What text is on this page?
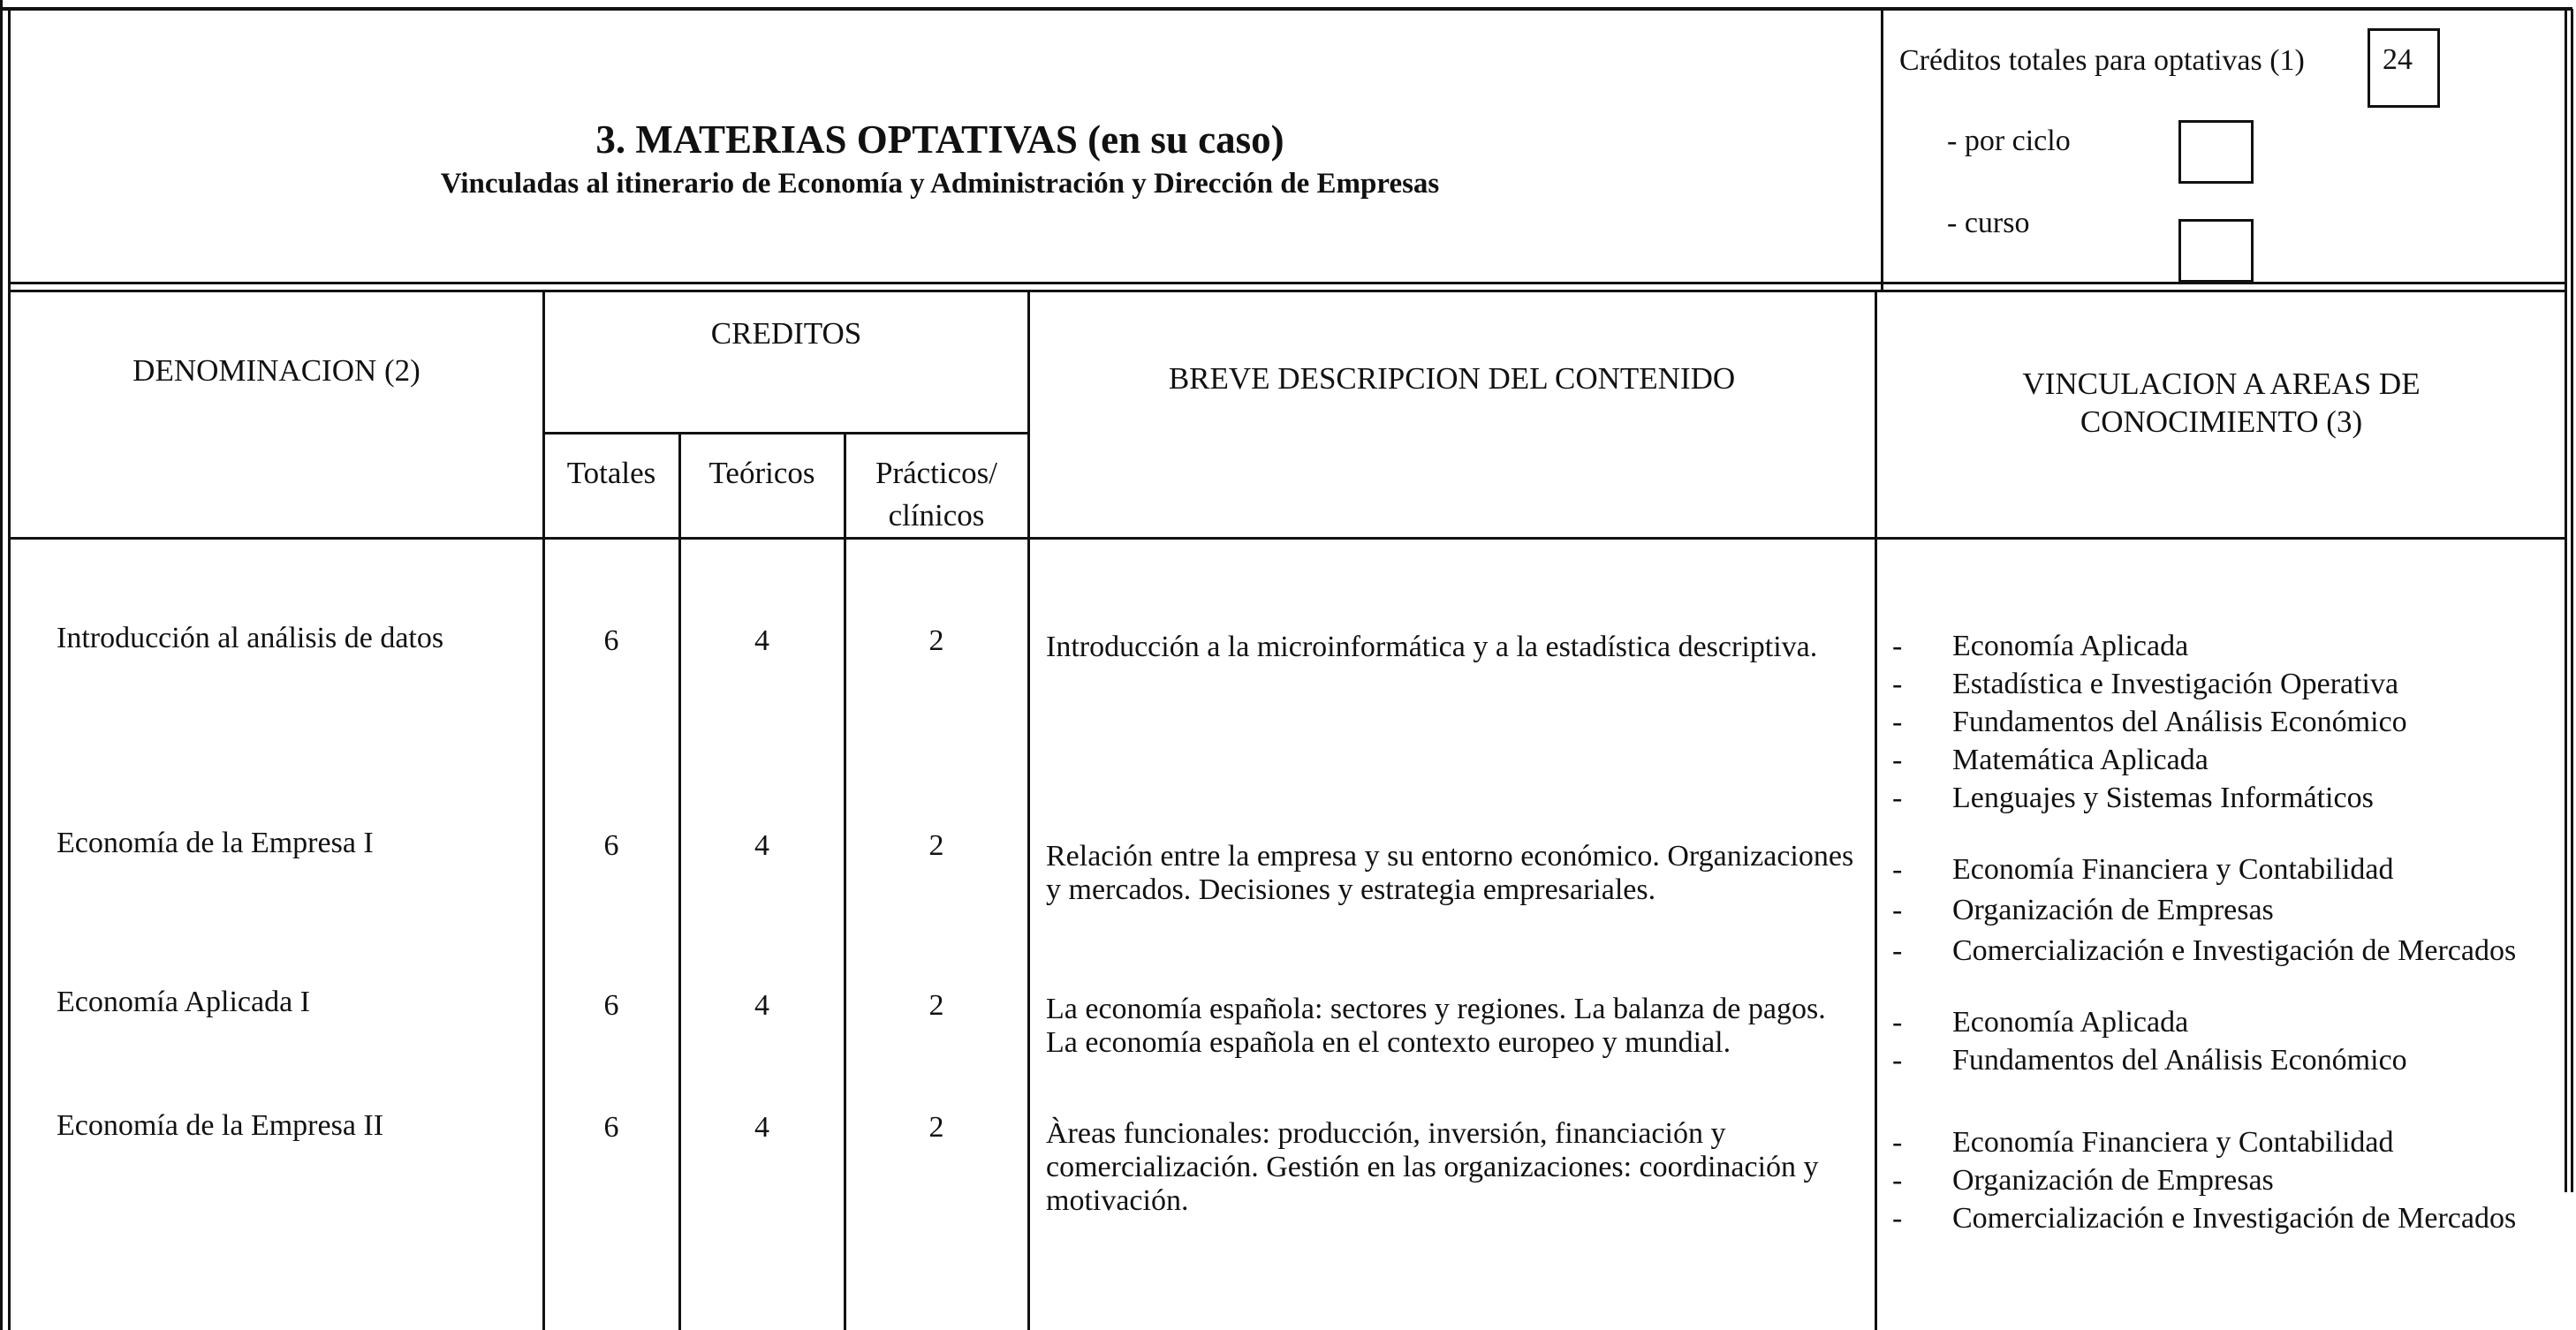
3. MATERIAS OPTATIVAS (en su caso)
Vinculadas al itinerario de Economía y Administración y Dirección de Empresas
Créditos totales para optativas (1)	24
- por ciclo
- curso
DENOMINACION (2)
CREDITOS
Totales	Teóricos	Prácticos/
clínicos
BREVE DESCRIPCION DEL CONTENIDO	VINCULACION A AREAS DE
CONOCIMIENTO (3)
Introducción al análisis de datos	6	4	2	Introducción a la microinformática y a la estadística descriptiva.	-	Economía Aplicada
-	Estadística e Investigación Operativa
-	Fundamentos del Análisis Económico
-	Matemática Aplicada
-	Lenguajes y Sistemas Informáticos
Economía de la Empresa I	6	4	2	Relación entre la empresa y su entorno económico. Organizaciones y mercados. Decisiones y estrategia empresariales.
-	Economía Financiera y Contabilidad
-	Organización de Empresas
-	Comercialización e Investigación de Mercados
Economía Aplicada I	6	4	2	La economía española: sectores y regiones. La balanza de pagos. La economía española en el contexto europeo y mundial.
-	Economía Aplicada
-	Fundamentos del Análisis Económico
Economía de la Empresa II	6	4	2	Àreas funcionales: producción, inversión, financiación y comercialización. Gestión en las organizaciones: coordinación y motivación.
-	Economía Financiera y Contabilidad
-	Organización de Empresas
-	Comercialización e Investigación de Mercados
